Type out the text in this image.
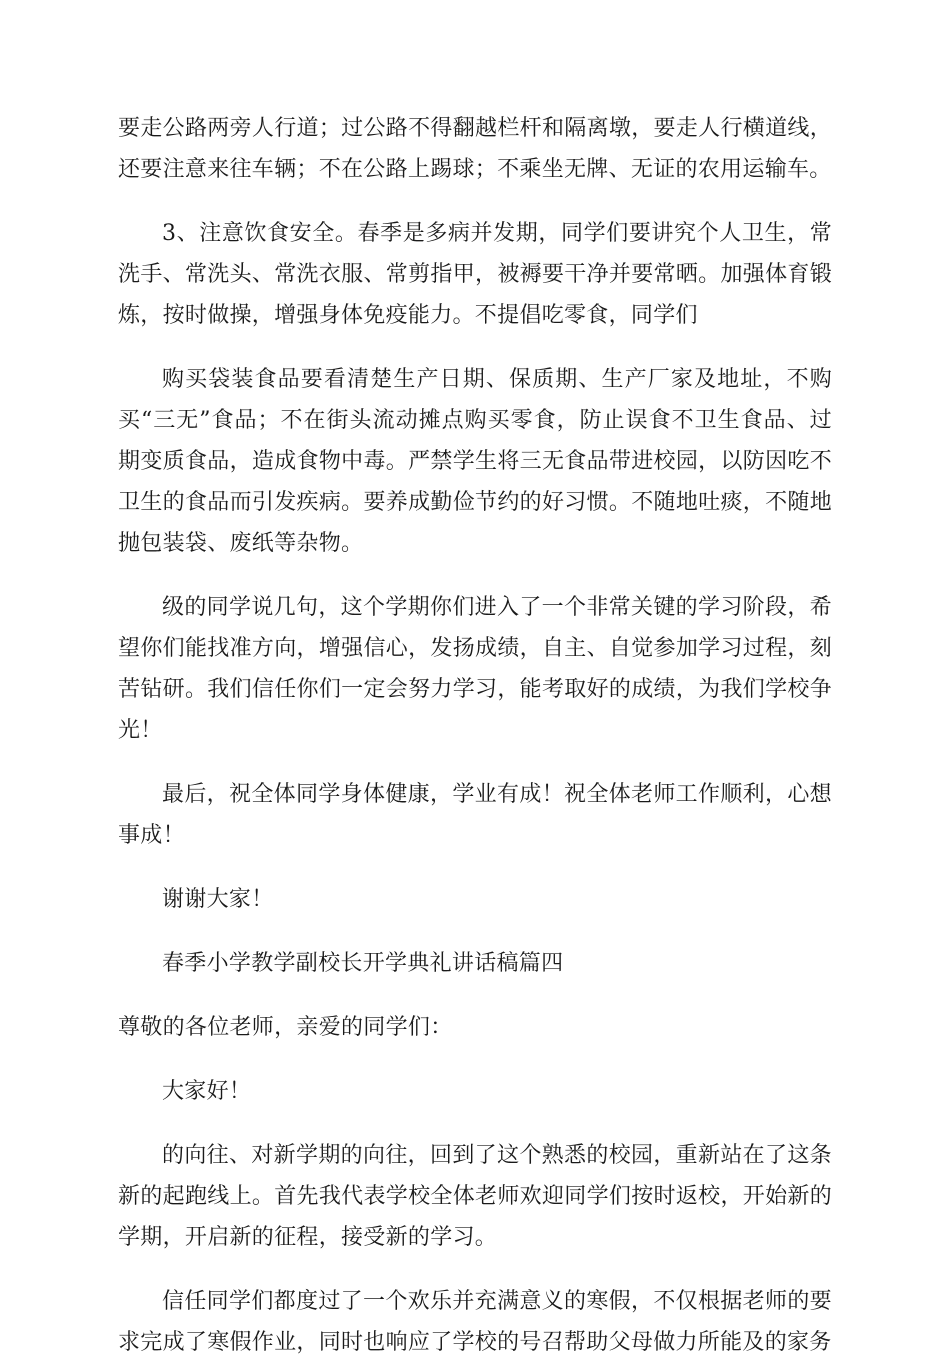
要走公路两旁人行道；过公路不得翻越栏杆和隔离墩，要走人行横道线，还要注意来往车辆；不在公路上踢球；不乘坐无牌、无证的农用运输车。

3、注意饮食安全。春季是多病并发期，同学们要讲究个人卫生，常洗手、常洗头、常洗衣服、常剪指甲，被褥要干净并要常晒。加强体育锻炼，按时做操，增强身体免疫能力。不提倡吃零食，同学们

购买袋装食品要看清楚生产日期、保质期、生产厂家及地址，不购买“三无”食品；不在街头流动摊点购买零食，防止误食不卫生食品、过期变质食品，造成食物中毒。严禁学生将三无食品带进校园，以防因吃不卫生的食品而引发疾病。要养成勤俭节约的好习惯。不随地吐痰，不随地抛包装袋、废纸等杂物。

级的同学说几句，这个学期你们进入了一个非常关键的学习阶段，希望你们能找准方向，增强信心，发扬成绩，自主、自觉参加学习过程，刻苦钻研。我们信任你们一定会努力学习，能考取好的成绩，为我们学校争光！

最后，祝全体同学身体健康，学业有成！祝全体老师工作顺利，心想事成！

谢谢大家！

春季小学教学副校长开学典礼讲话稿篇四

尊敬的各位老师，亲爱的同学们：

大家好！

的向往、对新学期的向往，回到了这个熟悉的校园，重新站在了这条新的起跑线上。首先我代表学校全体老师欢迎同学们按时返校，开始新的学期，开启新的征程，接受新的学习。

信任同学们都度过了一个欢乐并充满意义的寒假，不仅根据老师的要求完成了寒假作业，同时也响应了学校的号召帮助父母做力所能及的家务
